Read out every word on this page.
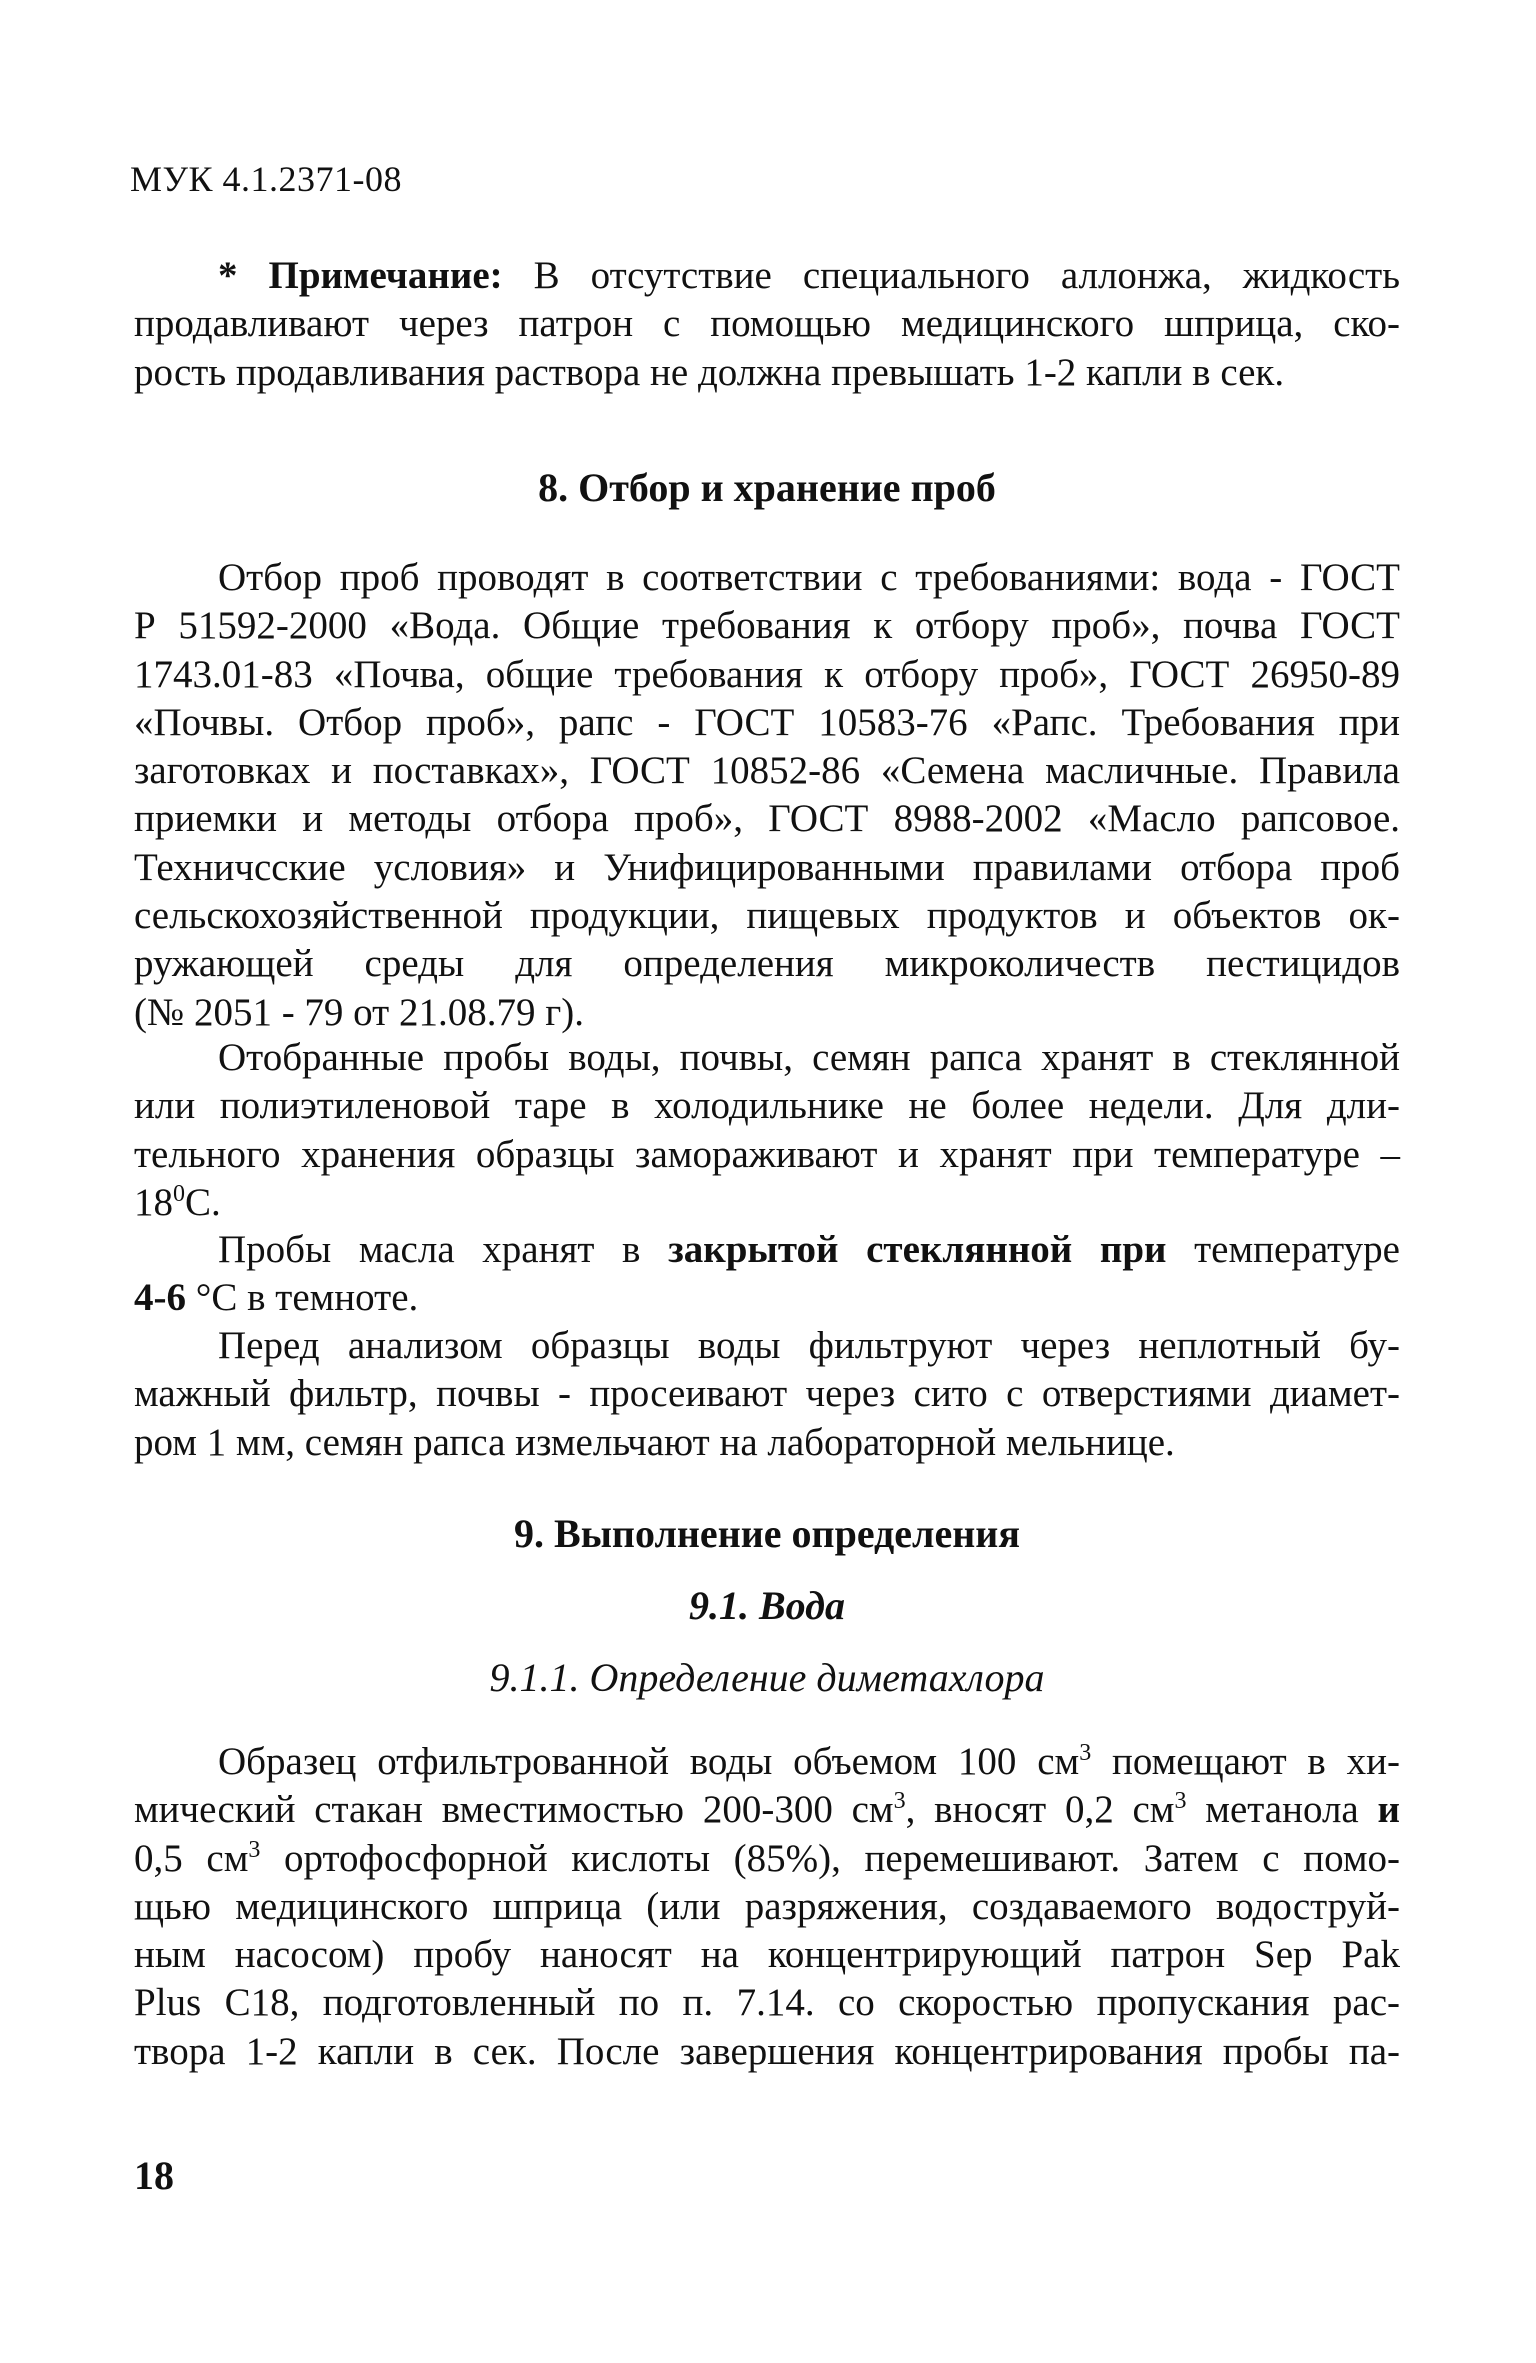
МУК 4.1.2371-08
* Примечание: В отсутствие специального аллонжа, жидкость
продавливают через патрон с помощью медицинского шприца, ско-
рость продавливания раствора не должна превышать 1-2 капли в сек.
8. Отбор и хранение проб
Отбор проб проводят в соответствии с требованиями: вода - ГОСТ
Р 51592-2000 «Вода. Общие требования к отбору проб», почва ГОСТ
1743.01-83 «Почва, общие требования к отбору проб», ГОСТ 26950-89
«Почвы. Отбор проб», рапс - ГОСТ 10583-76 «Рапс. Требования при
заготовках и поставках», ГОСТ 10852-86 «Семена масличные. Правила
приемки и методы отбора проб», ГОСТ 8988-2002 «Масло рапсовое.
Техничсские условия» и Унифицированными правилами отбора проб
сельскохозяйственной продукции, пищевых продуктов и объектов ок-
ружающей среды для определения микроколичеств пестицидов
(№ 2051 - 79 от 21.08.79 г).
Отобранные пробы воды, почвы, семян рапса хранят в стеклянной
или полиэтиленовой таре в холодильнике не более недели. Для дли-
тельного хранения образцы замораживают и хранят при температуре –
$18^0С$.
Пробы масла хранят в закрытой стеклянной при температуре
4-6 °С в темноте.
Перед анализом образцы воды фильтруют через неплотный бу-
мажный фильтр, почвы - просеивают через сито с отверстиями диамет-
ром 1 мм, семян рапса измельчают на лабораторной мельнице.
9. Выполнение определения
9.1. Вода
9.1.1. Определение диметахлора
Образец отфильтрованной воды объемом 100 $см^3$ помещают в хи-
мический стакан вместимостью 200-300 $см^3$, вносят 0,2 $см^3$ метанола и
0,5 $см^3$ ортофосфорной кислоты (85%), перемешивают. Затем с помо-
щью медицинского шприца (или разряжения, создаваемого водоструй-
ным насосом) пробу наносят на концентрирующий патрон Sep Pak
Plus C18, подготовленный по п. 7.14. со скоростью пропускания рас-
твора 1-2 капли в сек. После завершения концентрирования пробы па-
18
